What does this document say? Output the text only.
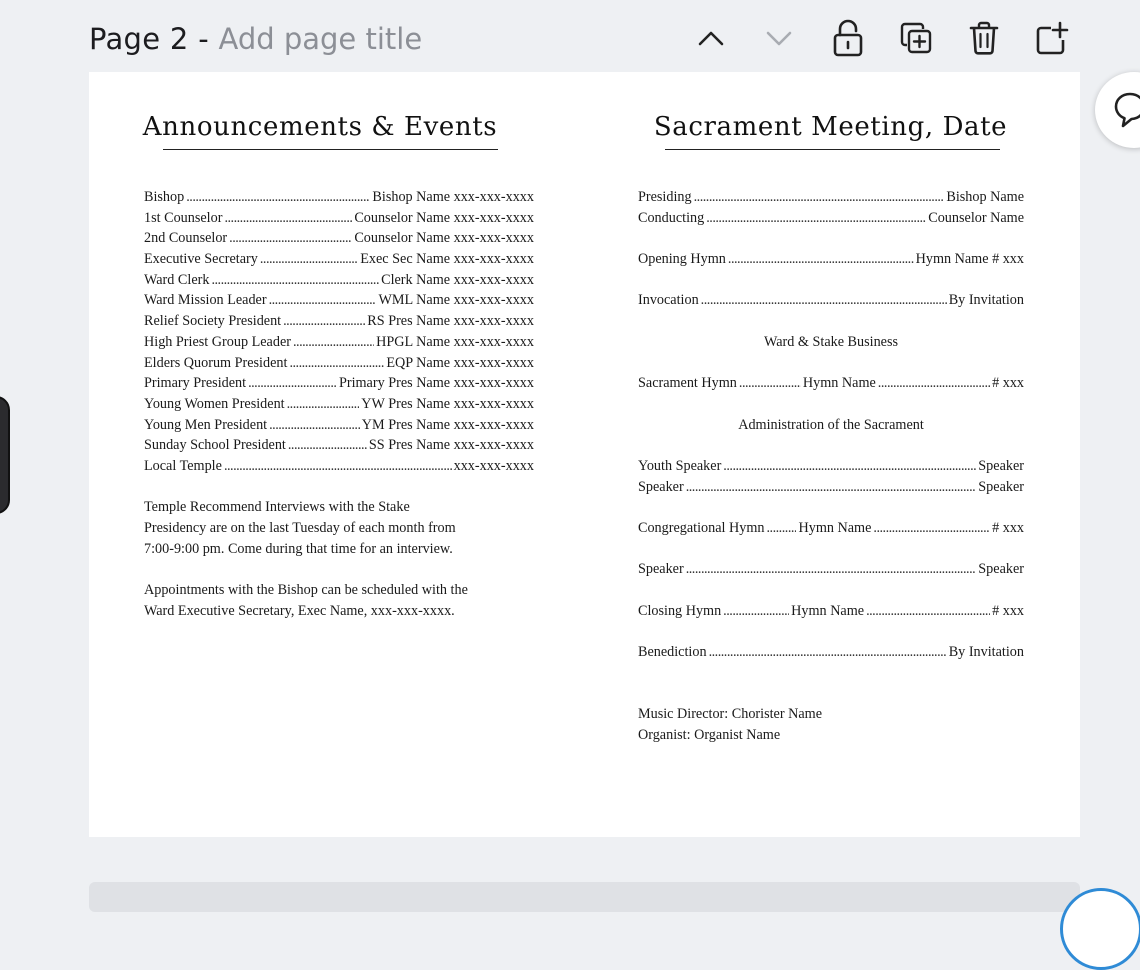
Page 2 -
Add page title
Announcements & Events
Bishop .....	Bishop Name xxx-xxx-xxxx
1st Counselor .....	Counselor Name xxx-xxx-xxxx
2nd Counselor .....	Counselor Name xxx-xxx-xxxx
Executive Secretary .....	Exec Sec Name xxx-xxx-xxxx
Ward Clerk .....	Clerk Name xxx-xxx-xxxx
Ward Mission Leader .....	WML Name xxx-xxx-xxxx
Relief Society President .....	RS Pres Name xxx-xxx-xxxx
High Priest Group Leader .....	HPGL Name xxx-xxx-xxxx
Elders Quorum President .....	EQP Name xxx-xxx-xxxx
Primary President .....	Primary Pres Name xxx-xxx-xxxx
Young Women President .....	YW Pres Name xxx-xxx-xxxx
Young Men President .....	YM Pres Name xxx-xxx-xxxx
Sunday School President .....	SS Pres Name xxx-xxx-xxxx
Local Temple .....	xxx-xxx-xxxx
Temple Recommend Interviews with the Stake
Presidency are on the last Tuesday of each month from
7:00-9:00 pm. Come during that time for an interview.
Appointments with the Bishop can be scheduled with the
Ward Executive Secretary, Exec Name, xxx-xxx-xxxx.
Sacrament Meeting, Date
Presiding .....	Bishop Name
Conducting .....	Counselor Name
Opening Hymn .....	Hymn Name # xxx
Invocation .....	By Invitation
Ward & Stake Business
Sacrament Hymn .....	Hymn Name .....	# xxx
Administration of the Sacrament
Youth Speaker .....	Speaker
Speaker .....	Speaker
Congregational Hymn ..... Hymn Name .....	# xxx
Speaker .....	Speaker
Closing Hymn .....	Hymn Name .....	# xxx
Benediction .....	By Invitation
Music Director: Chorister Name
Organist: Organist Name
